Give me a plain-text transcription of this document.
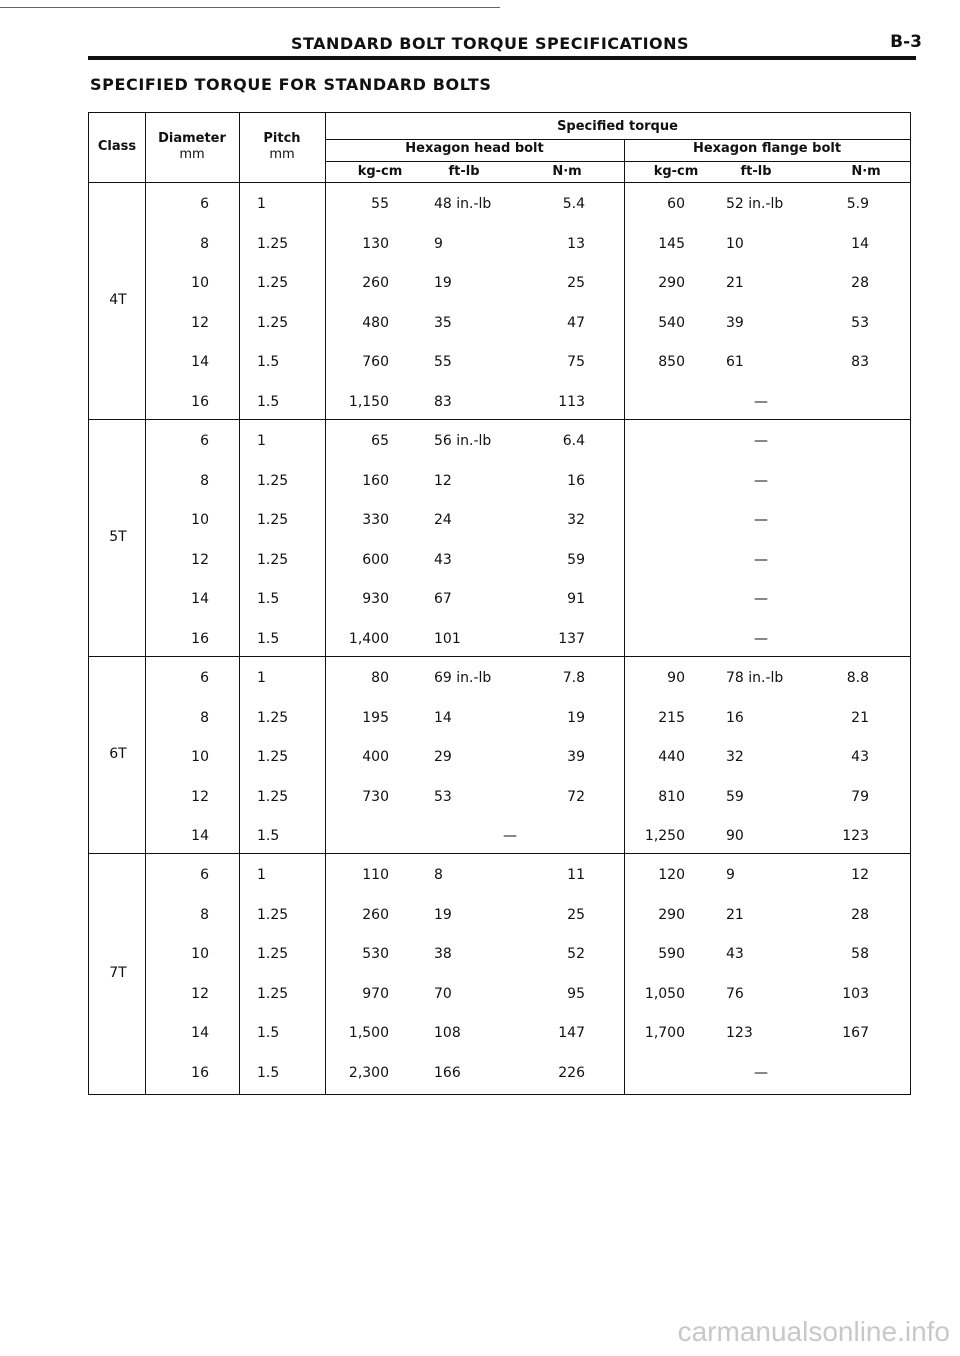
STANDARD BOLT TORQUE SPECIFICATIONS	B-3
SPECIFIED TORQUE FOR STANDARD BOLTS
Class
Diameter
mm
Pitch
mm
Specified torque
Hexagon head bolt	Hexagon flange bolt
kg-cm	ft-lb	N·m	kg-cm	ft-lb	N·m
4T
6	1	55	48 in.-lb	5.4	60	52 in.-lb	5.9
8	1.25	130	9	13	145	10	14
10	1.25	260	19	25	290	21	28
12	1.25	480	35	47	540	39	53
14	1.5	760	55	75	850	61	83
16	1.5	1,150	83	113	—
5T
6	1	65	56 in.-lb	6.4	—
8	1.25	160	12	16	—
10	1.25	330	24	32	—
12	1.25	600	43	59	—
14	1.5	930	67	91	—
16	1.5	1,400	101	137	—
6T
6	1	80	69 in.-lb	7.8	90	78 in.-lb	8.8
8	1.25	195	14	19	215	16	21
10	1.25	400	29	39	440	32	43
12	1.25	730	53	72	810	59	79
14	1.5	—	1,250	90	123
7T
6	1	110	8	11	120	9	12
8	1.25	260	19	25	290	21	28
10	1.25	530	38	52	590	43	58
12	1.25	970	70	95	1,050	76	103
14	1.5	1,500	108	147	1,700	123	167
16	1.5	2,300	166	226	—
carmanualsonline.info
